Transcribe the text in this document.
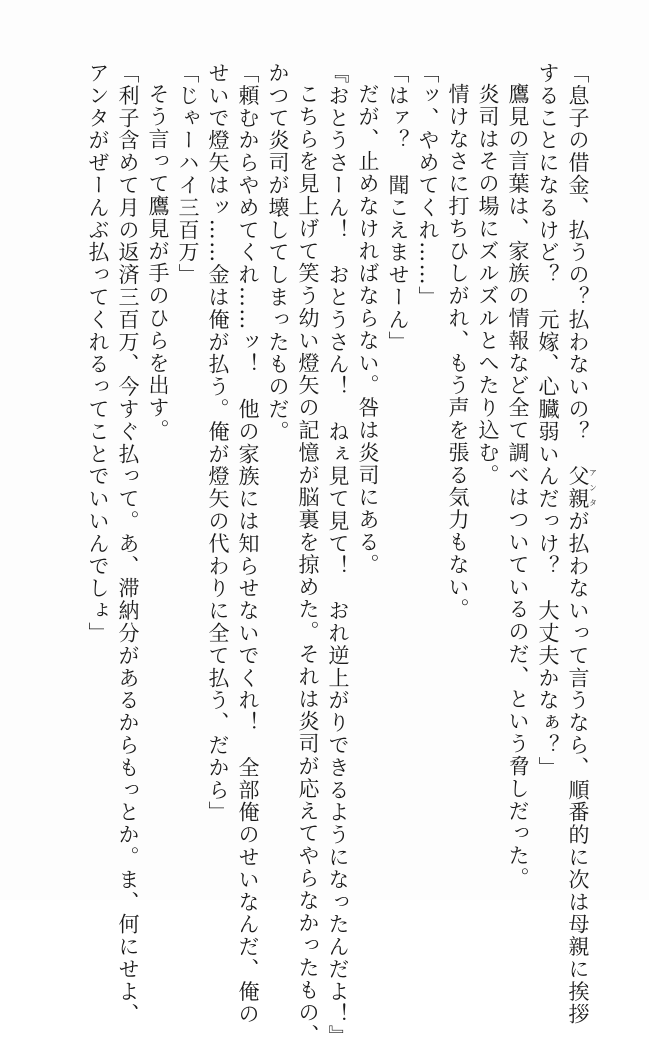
「息子の借金、払うの？払わないの？　父親アンタが払わないって言うなら、順番的に次は母親に挨拶
することになるけど？　元嫁、心臓弱いんだっけ？　大丈夫かなぁ？」
鷹見の言葉は、家族の情報など全て調べはついているのだ、という脅しだった。
炎司はその場にズルズルとへたり込む。
情けなさに打ちひしがれ、もう声を張る気力もない。
「ッ、やめてくれ……」
「はァ？　聞こえませーん」
だが、止めなければならない。咎は炎司にある。
『おとうさーん！　おとうさん！　ねぇ見て見て！　おれ逆上がりできるようになったんだよ！』
こちらを見上げて笑う幼い燈矢の記憶が脳裏を掠めた。それは炎司が応えてやらなかったもの、
かつて炎司が壊してしまったものだ。
「頼むからやめてくれ……ッ！　他の家族には知らせないでくれ！　全部俺のせいなんだ、俺の
せいで燈矢はッ……金は俺が払う。俺が燈矢の代わりに全て払う、だから」
「じゃーハイ三百万」
そう言って鷹見が手のひらを出す。
「利子含めて月の返済三百万、今すぐ払って。あ、滞納分があるからもっとか。ま、何にせよ、
アンタがぜーんぶ払ってくれるってことでいいんでしょ」
